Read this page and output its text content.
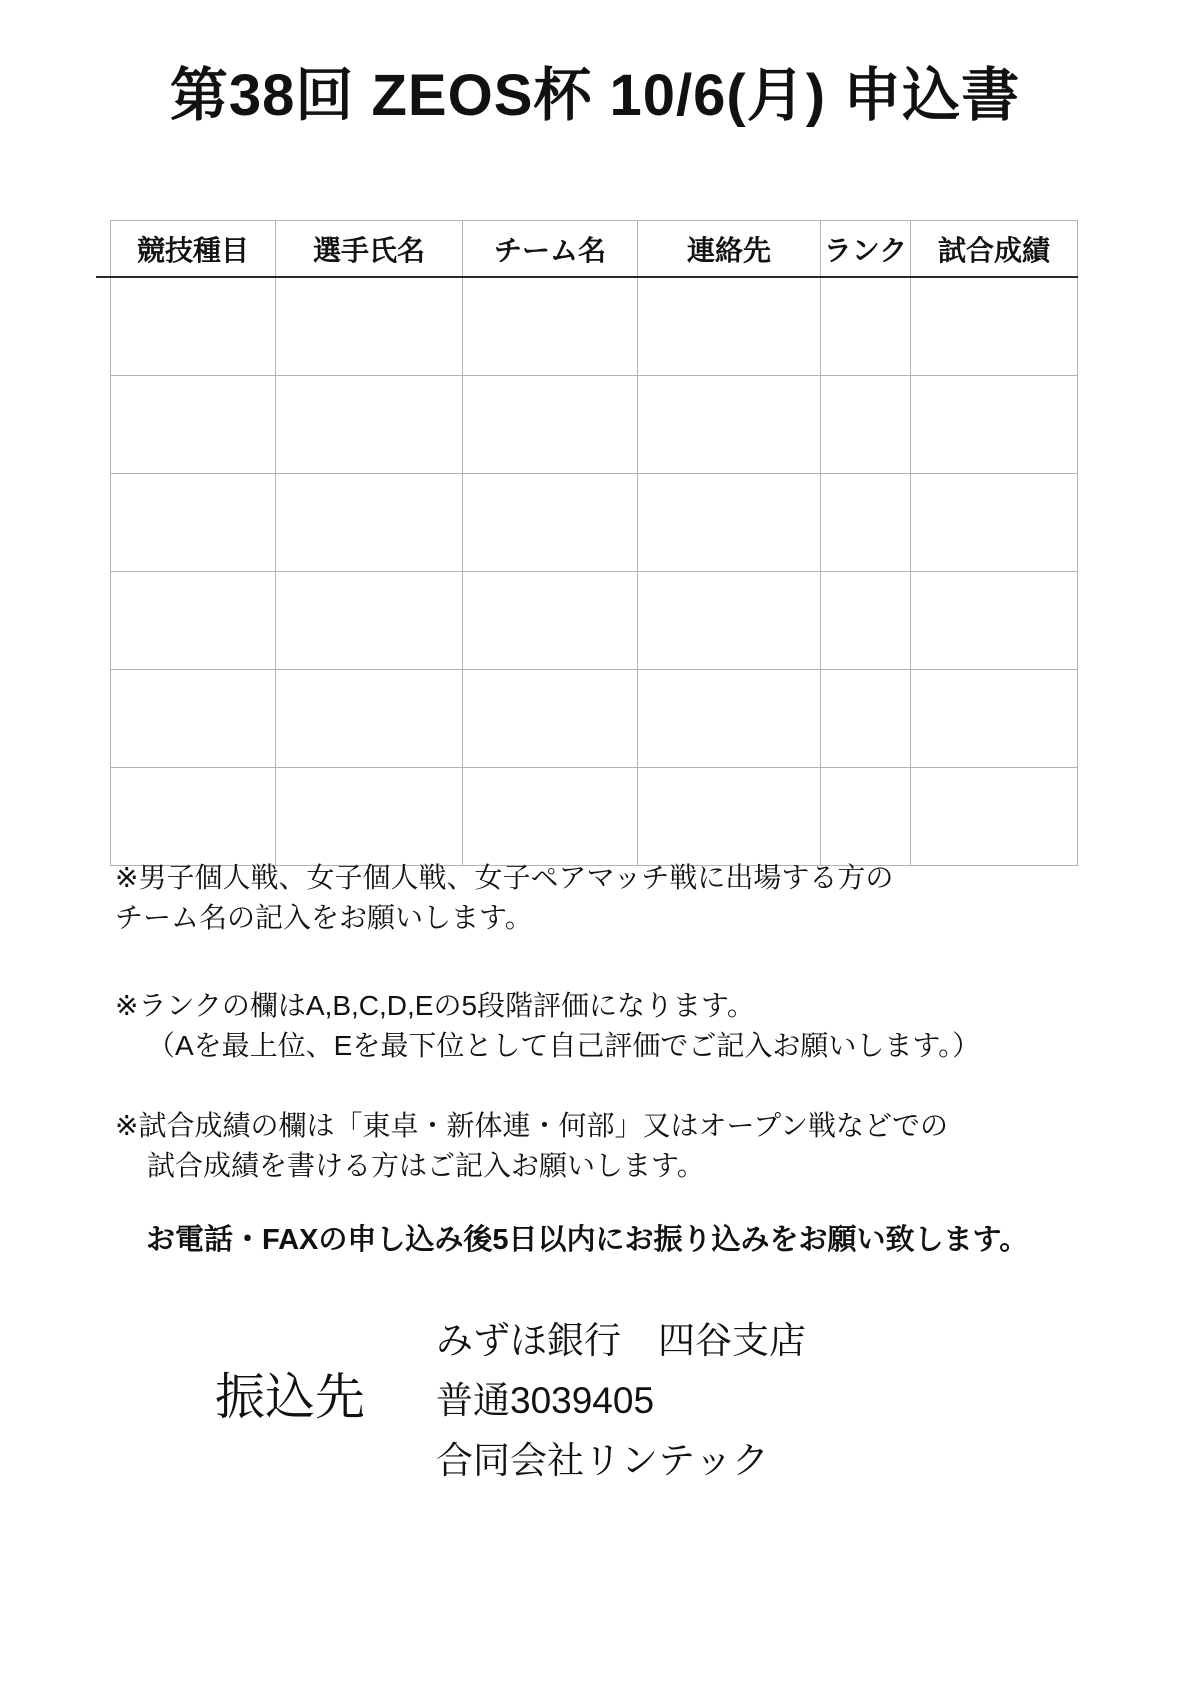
第38回 ZEOS杯 10/6(月) 申込書
競技種目	選手氏名	チーム名	連絡先	ランク	試合成績

※男子個人戦、女子個人戦、女子ペアマッチ戦に出場する方の
チーム名の記入をお願いします。
※ランクの欄はA,B,C,D,Eの5段階評価になります。
（Aを最上位、Eを最下位として自己評価でご記入お願いします。）
※試合成績の欄は「東卓・新体連・何部」又はオープン戦などでの
試合成績を書ける方はご記入お願いします。
お電話・FAXの申し込み後5日以内にお振り込みをお願い致します。
振込先
みずほ銀行　四谷支店
普通3039405
合同会社リンテック
